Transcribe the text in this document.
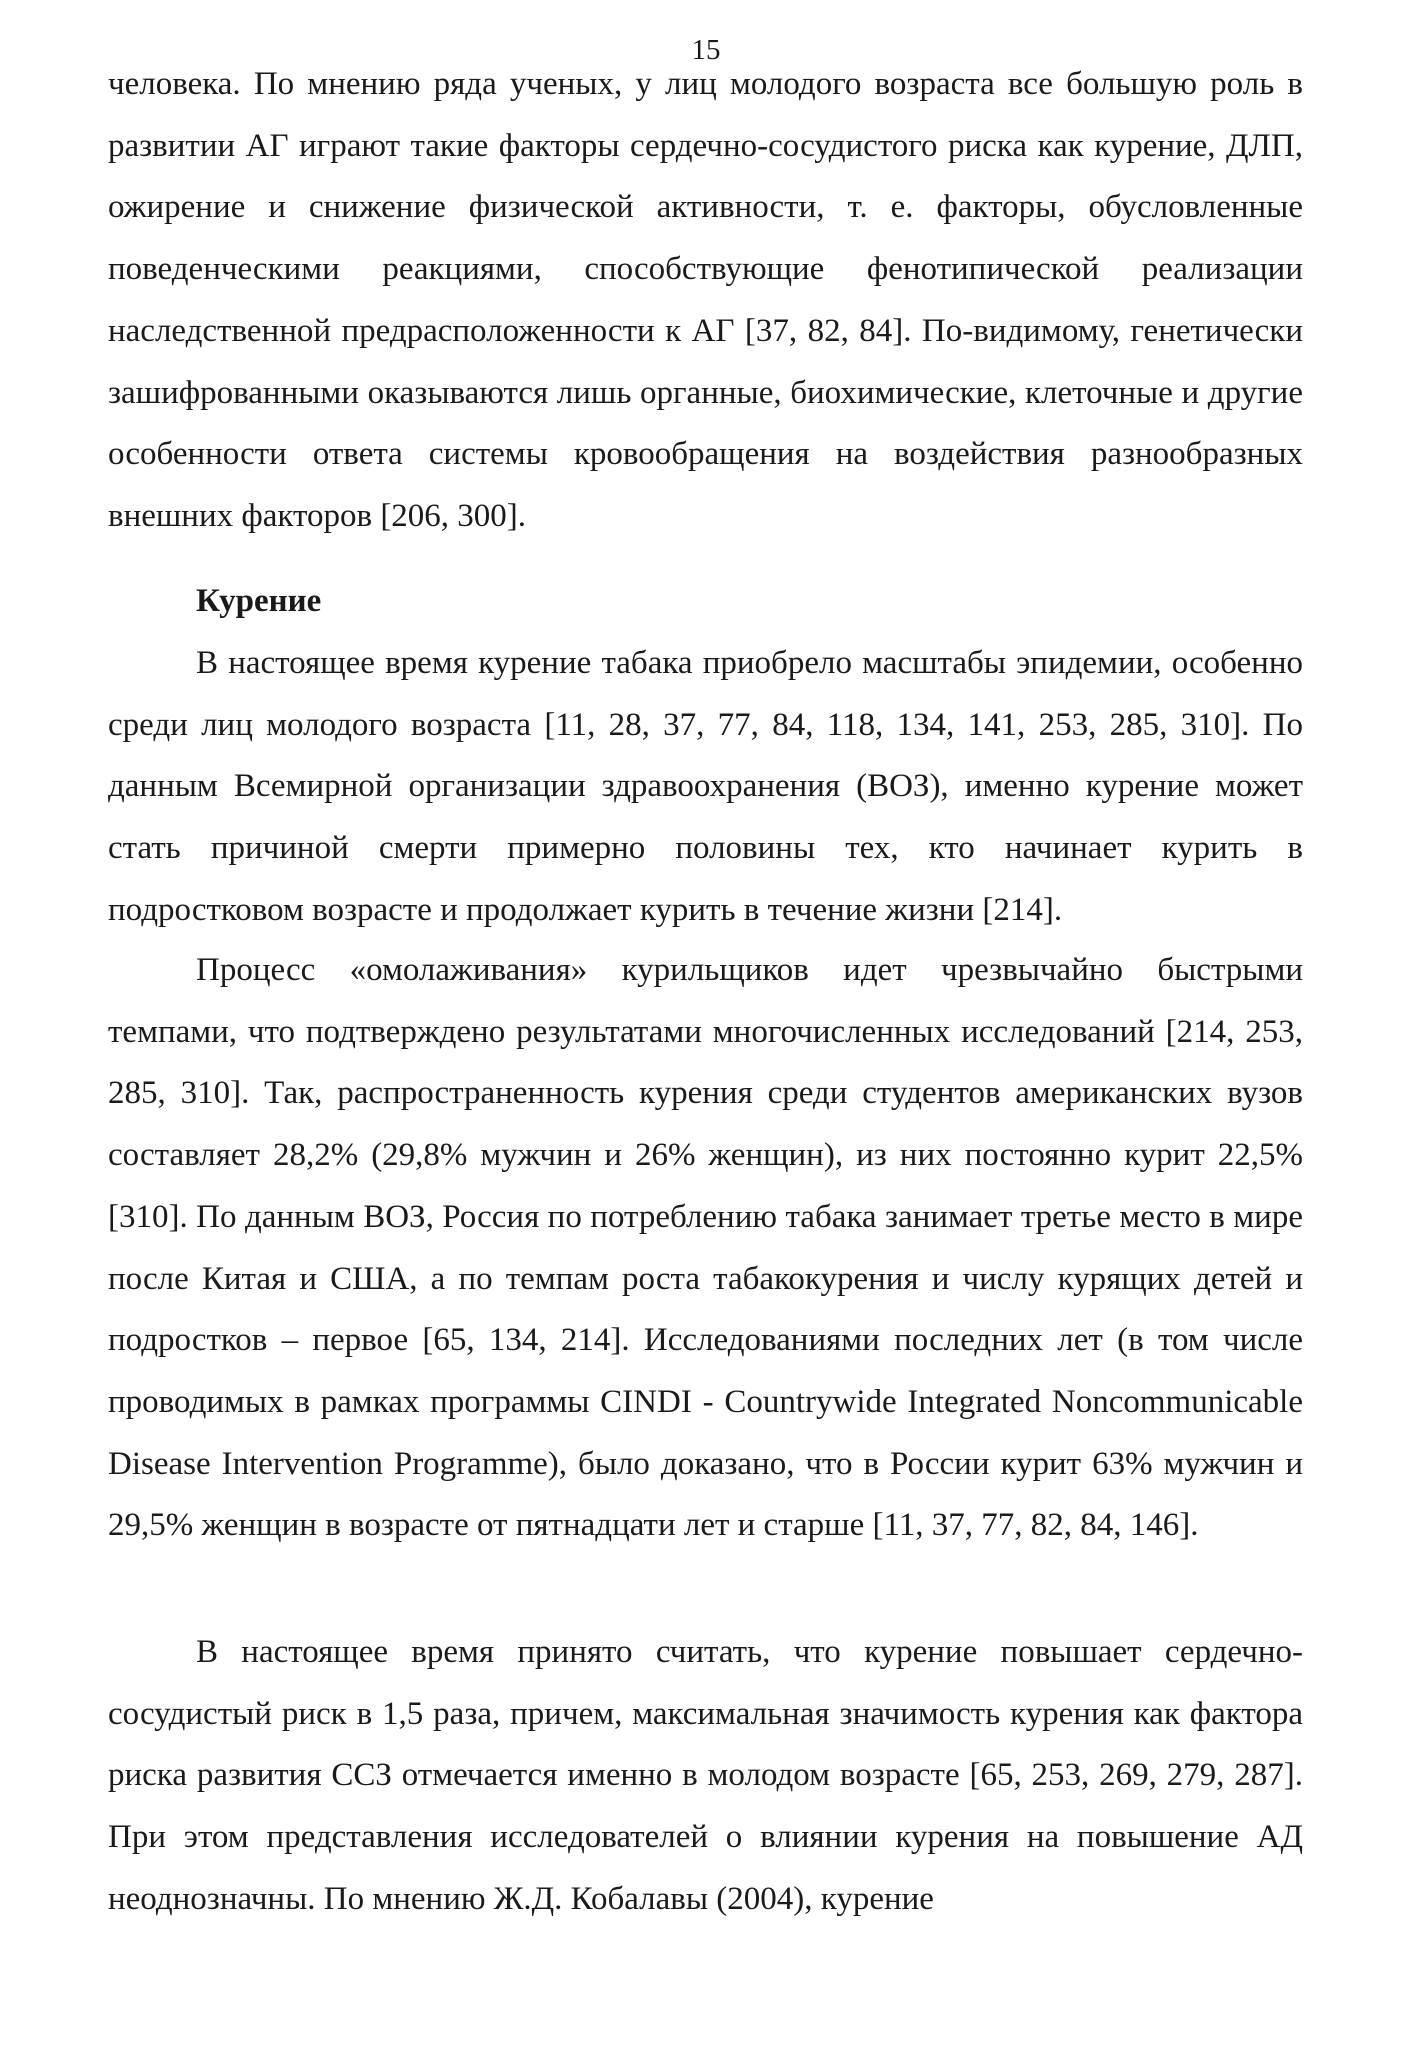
15

человека. По мнению ряда ученых, у лиц молодого возраста все большую роль в развитии АГ играют такие факторы сердечно-сосудистого риска как курение, ДЛП, ожирение и снижение физической активности, т. е. факторы, обусловленные поведенческими реакциями, способствующие фенотипической реализации наследственной предрасположенности к АГ [37, 82, 84]. По-видимому, генетически зашифрованными оказываются лишь органные, биохимические, клеточные и другие особенности ответа системы кровообращения на воздействия разнообразных внешних факторов [206, 300].

Курение

В настоящее время курение табака приобрело масштабы эпидемии, особенно среди лиц молодого возраста [11, 28, 37, 77, 84, 118, 134, 141, 253, 285, 310]. По данным Всемирной организации здравоохранения (ВОЗ), именно курение может стать причиной смерти примерно половины тех, кто начинает курить в подростковом возрасте и продолжает курить в течение жизни [214].

Процесс «омолаживания» курильщиков идет чрезвычайно быстрыми темпами, что подтверждено результатами многочисленных исследований [214, 253, 285, 310]. Так, распространенность курения среди студентов американских вузов составляет 28,2% (29,8% мужчин и 26% женщин), из них постоянно курит 22,5% [310]. По данным ВОЗ, Россия по потреблению табака занимает третье место в мире после Китая и США, а по темпам роста табакокурения и числу курящих детей и подростков – первое [65, 134, 214]. Исследованиями последних лет (в том числе проводимых в рамках программы CINDI - Countrywide Integrated Noncommunicable Disease Intervention Programme), было доказано, что в России курит 63% мужчин и 29,5% женщин в возрасте от пятнадцати лет и старше [11, 37, 77, 82, 84, 146].

В настоящее время принято считать, что курение повышает сердечно-сосудистый риск в 1,5 раза, причем, максимальная значимость курения как фактора риска развития ССЗ отмечается именно в молодом возрасте [65, 253, 269, 279, 287]. При этом представления исследователей о влиянии курения на повышение АД неоднозначны. По мнению Ж.Д. Кобалавы (2004), курение
